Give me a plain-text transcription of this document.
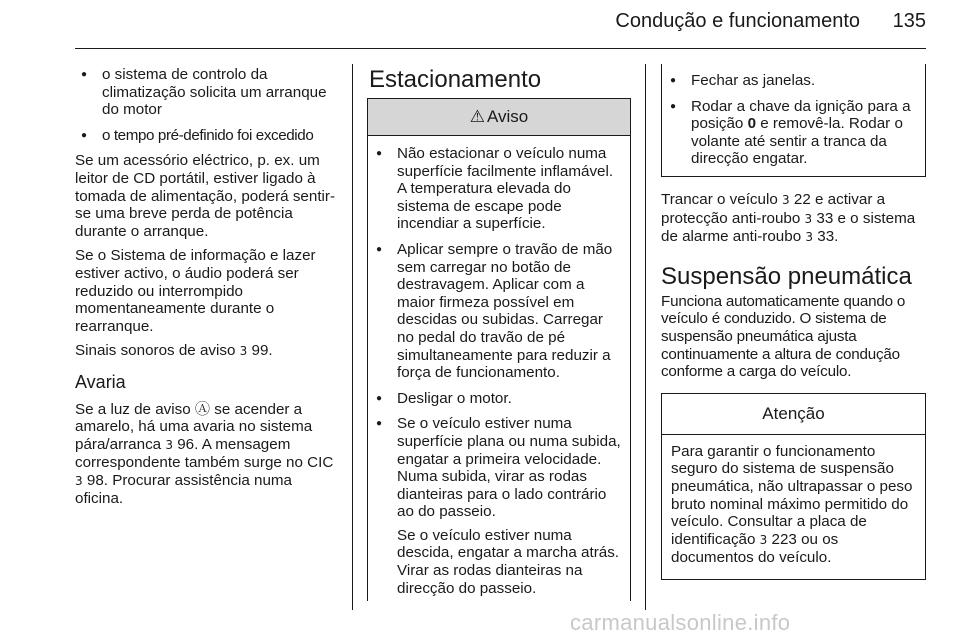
Condução e funcionamento	135
● o sistema de controlo da climatização solicita um arranque do motor
● o tempo pré-definido foi excedido

Se um acessório eléctrico, p. ex. um leitor de CD portátil, estiver ligado à tomada de alimentação, poderá sentir-se uma breve perda de potência durante o arranque.

Se o Sistema de informação e lazer estiver activo, o áudio poderá ser reduzido ou interrompido momentaneamente durante o rearranque.

Sinais sonoros de aviso 3 99.

Avaria

Se a luz de aviso Ⓐ se acender a amarelo, há uma avaria no sistema pára/arranca 3 96. A mensagem correspondente também surge no CIC 3 98. Procurar assistência numa oficina.

Estacionamento
⚠ Aviso
● Não estacionar o veículo numa superfície facilmente inflamável. A temperatura elevada do sistema de escape pode incendiar a superfície.
● Aplicar sempre o travão de mão sem carregar no botão de destravagem. Aplicar com a maior firmeza possível em descidas ou subidas. Carregar no pedal do travão de pé simultaneamente para reduzir a força de funcionamento.
● Desligar o motor.
● Se o veículo estiver numa superfície plana ou numa subida, engatar a primeira velocidade. Numa subida, virar as rodas dianteiras para o lado contrário ao do passeio.
Se o veículo estiver numa descida, engatar a marcha atrás. Virar as rodas dianteiras na direcção do passeio.
● Fechar as janelas.
● Rodar a chave da ignição para a posição 0 e removê-la. Rodar o volante até sentir a tranca da direcção engatar.

Trancar o veículo 3 22 e activar a protecção anti-roubo 3 33 e o sistema de alarme anti-roubo 3 33.

Suspensão pneumática

Funciona automaticamente quando o veículo é conduzido. O sistema de suspensão pneumática ajusta continuamente a altura de condução conforme a carga do veículo.

Atenção
Para garantir o funcionamento seguro do sistema de suspensão pneumática, não ultrapassar o peso bruto nominal máximo permitido do veículo. Consultar a placa de identificação 3 223 ou os documentos do veículo.
carmanualsonline.info
